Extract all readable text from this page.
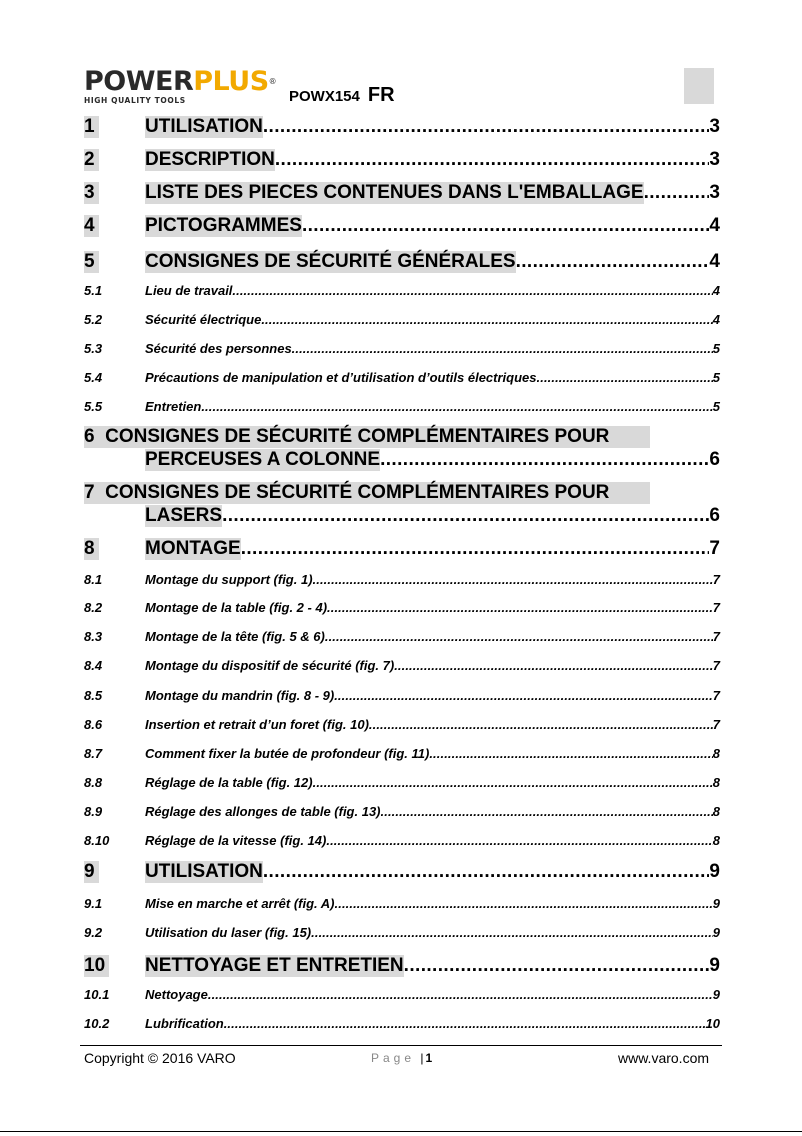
POWERPLUS®
HIGH QUALITY TOOLS	POWX154 FR
1	UTILISATION .....	3
2	DESCRIPTION .....	3
3	LISTE DES PIECES CONTENUES DANS L'EMBALLAGE .....	3
4	PICTOGRAMMES .....	4
5	CONSIGNES DE SÉCURITÉ GÉNÉRALES .....	4
5.1	Lieu de travail .....	4
5.2	Sécurité électrique .....	4
5.3	Sécurité des personnes .....	5
5.4	Précautions de manipulation et d’utilisation d’outils électriques .....	5
5.5	Entretien .....	5
6 CONSIGNES DE SÉCURITÉ COMPLÉMENTAIRES POUR
PERCEUSES A COLONNE .....	6
7 CONSIGNES DE SÉCURITÉ COMPLÉMENTAIRES POUR
LASERS .....	6
8	MONTAGE .....	7
8.1	Montage du support (fig. 1) .....	7
8.2	Montage de la table (fig. 2 - 4) .....	7
8.3	Montage de la tête (fig. 5 & 6) .....	7
8.4	Montage du dispositif de sécurité (fig. 7) .....	7
8.5	Montage du mandrin (fig. 8 - 9) .....	7
8.6	Insertion et retrait d’un foret (fig. 10) .....	7
8.7	Comment fixer la butée de profondeur (fig. 11) .....	8
8.8	Réglage de la table (fig. 12) .....	8
8.9	Réglage des allonges de table (fig. 13) .....	8
8.10	Réglage de la vitesse (fig. 14) .....	8
9	UTILISATION .....	9
9.1	Mise en marche et arrêt (fig. A) .....	9
9.2	Utilisation du laser (fig. 15) .....	9
10 NETTOYAGE ET ENTRETIEN .....	9
10.1	Nettoyage .....	9
10.2	Lubrification .....	10
Copyright © 2016 VARO	Page | 1	www.varo.com
